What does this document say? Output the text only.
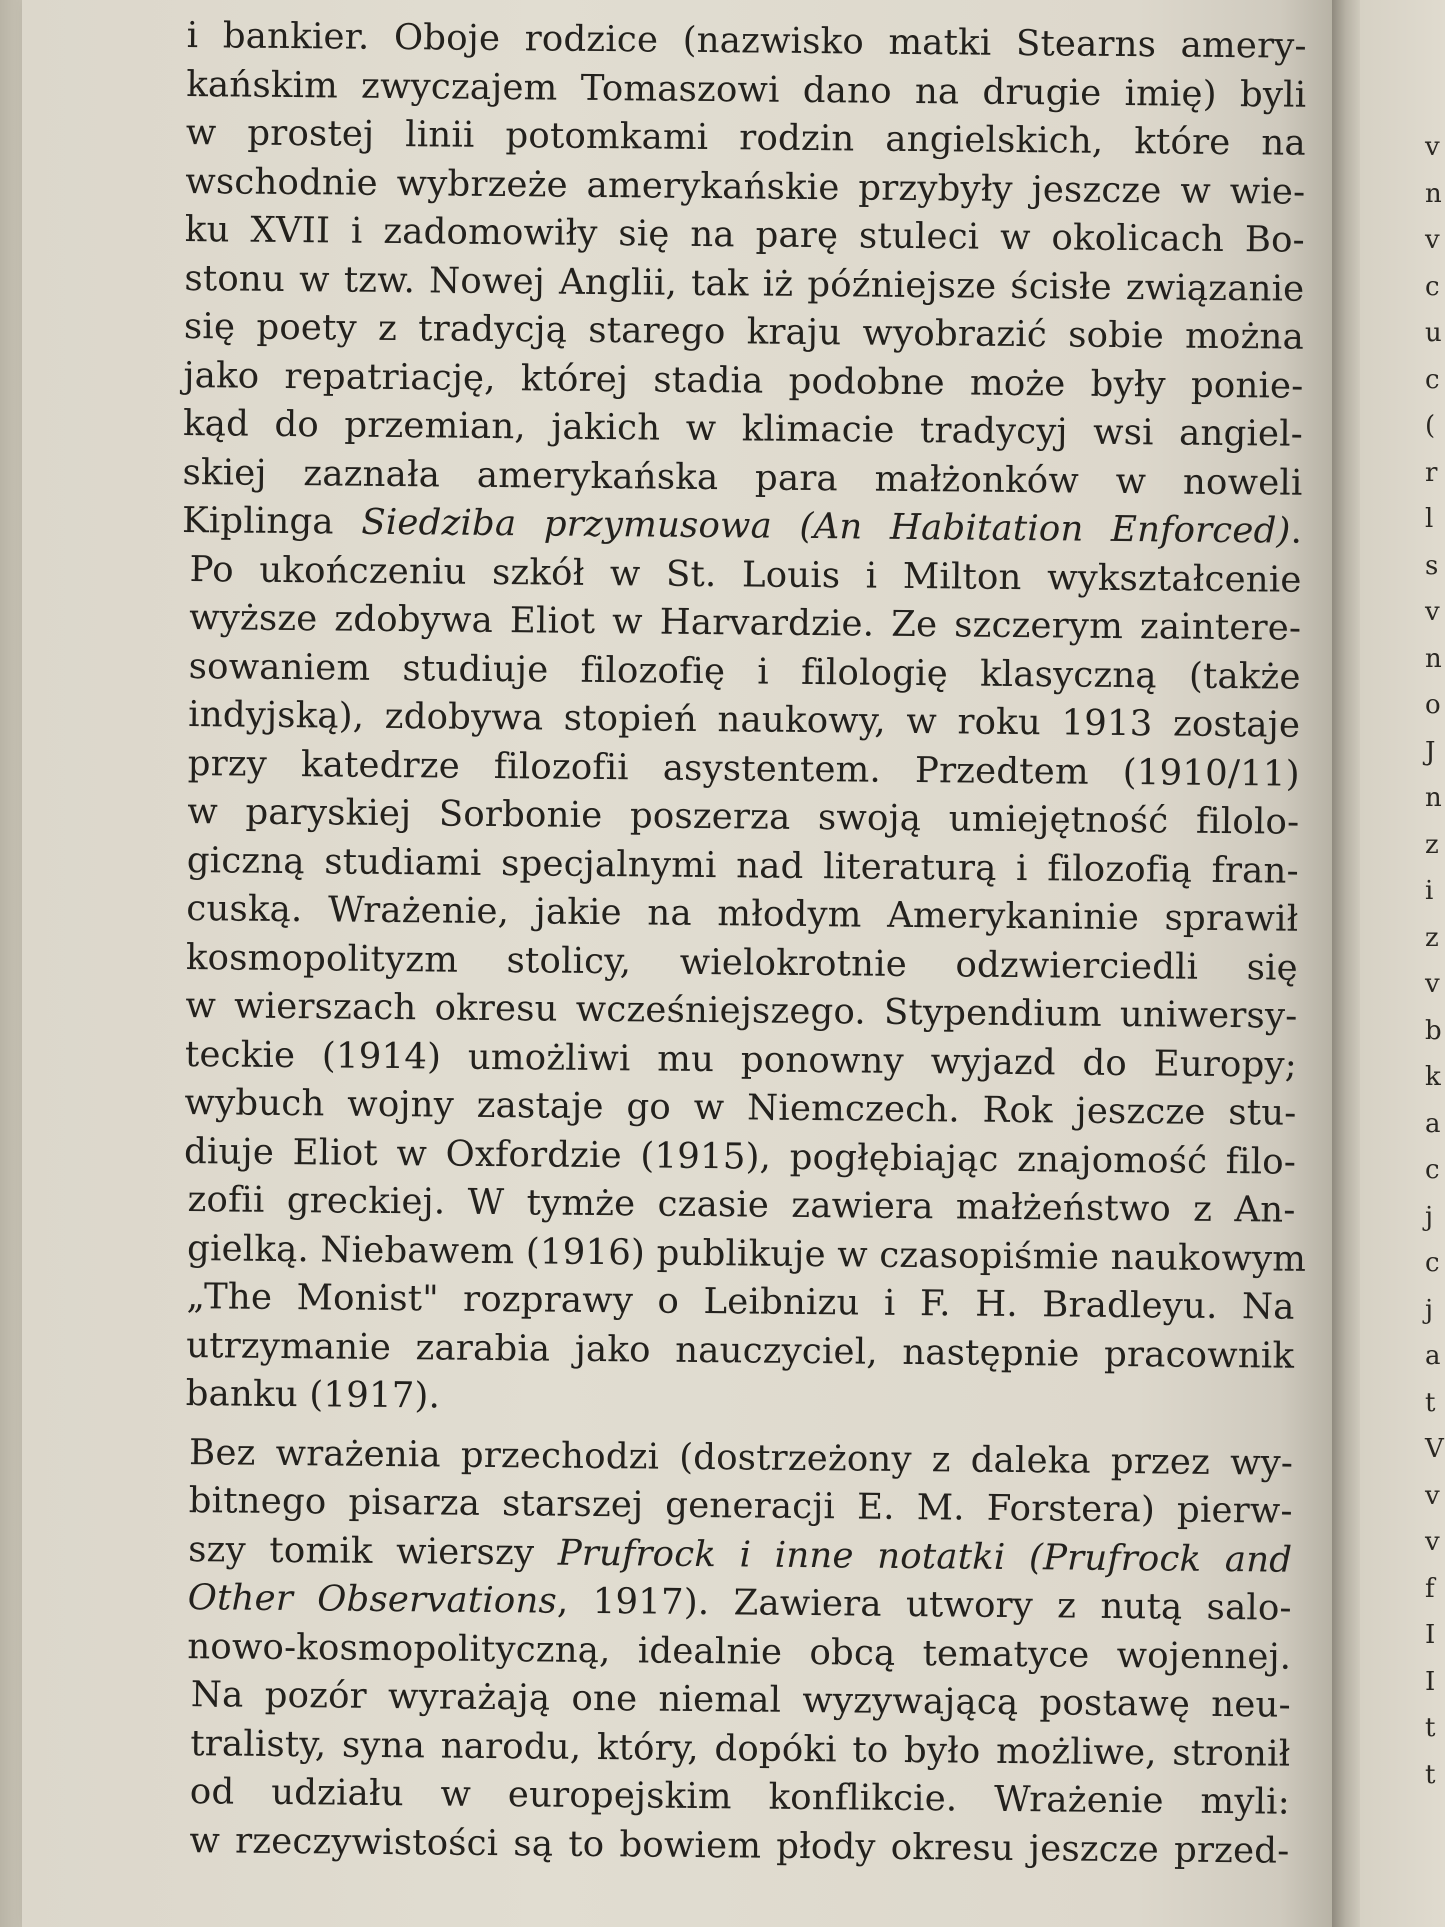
i bankier. Oboje rodzice (nazwisko matki Stearns amery-
kańskim zwyczajem Tomaszowi dano na drugie imię) byli
w prostej linii potomkami rodzin angielskich, które na
wschodnie wybrzeże amerykańskie przybyły jeszcze w wie-
ku XVII i zadomowiły się na parę stuleci w okolicach Bo-
stonu w tzw. Nowej Anglii, tak iż późniejsze ścisłe związanie
się poety z tradycją starego kraju wyobrazić sobie można
jako repatriację, której stadia podobne może były ponie-
kąd do przemian, jakich w klimacie tradycyj wsi angiel-
skiej zaznała amerykańska para małżonków w noweli
Kiplinga Siedziba przymusowa (An Habitation Enforced).
Po ukończeniu szkół w St. Louis i Milton wykształcenie
wyższe zdobywa Eliot w Harvardzie. Ze szczerym zaintere-
sowaniem studiuje filozofię i filologię klasyczną (także
indyjską), zdobywa stopień naukowy, w roku 1913 zostaje
przy katedrze filozofii asystentem. Przedtem (1910/11)
w paryskiej Sorbonie poszerza swoją umiejętność filolo-
giczną studiami specjalnymi nad literaturą i filozofią fran-
cuską. Wrażenie, jakie na młodym Amerykaninie sprawił
kosmopolityzm stolicy, wielokrotnie odzwierciedli się
w wierszach okresu wcześniejszego. Stypendium uniwersy-
teckie (1914) umożliwi mu ponowny wyjazd do Europy;
wybuch wojny zastaje go w Niemczech. Rok jeszcze stu-
diuje Eliot w Oxfordzie (1915), pogłębiając znajomość filo-
zofii greckiej. W tymże czasie zawiera małżeństwo z An-
gielką. Niebawem (1916) publikuje w czasopiśmie naukowym
„The Monist" rozprawy o Leibnizu i F. H. Bradleyu. Na
utrzymanie zarabia jako nauczyciel, następnie pracownik
banku (1917).
Bez wrażenia przechodzi (dostrzeżony z daleka przez wy-
bitnego pisarza starszej generacji E. M. Forstera) pierw-
szy tomik wierszy Prufrock i inne notatki (Prufrock and
Other Observations, 1917). Zawiera utwory z nutą salo-
nowo-kosmopolityczną, idealnie obcą tematyce wojennej.
Na pozór wyrażają one niemal wyzywającą postawę neu-
tralisty, syna narodu, który, dopóki to było możliwe, stronił
od udziału w europejskim konflikcie. Wrażenie myli:
w rzeczywistości są to bowiem płody okresu jeszcze przed-
v
n
v
c
u
c
(
r
l
s
v
n
o
J
n
z
i
z
v
b
k
a
c
j
c
j
a
t
V
v
v
f
I
I
t
t
